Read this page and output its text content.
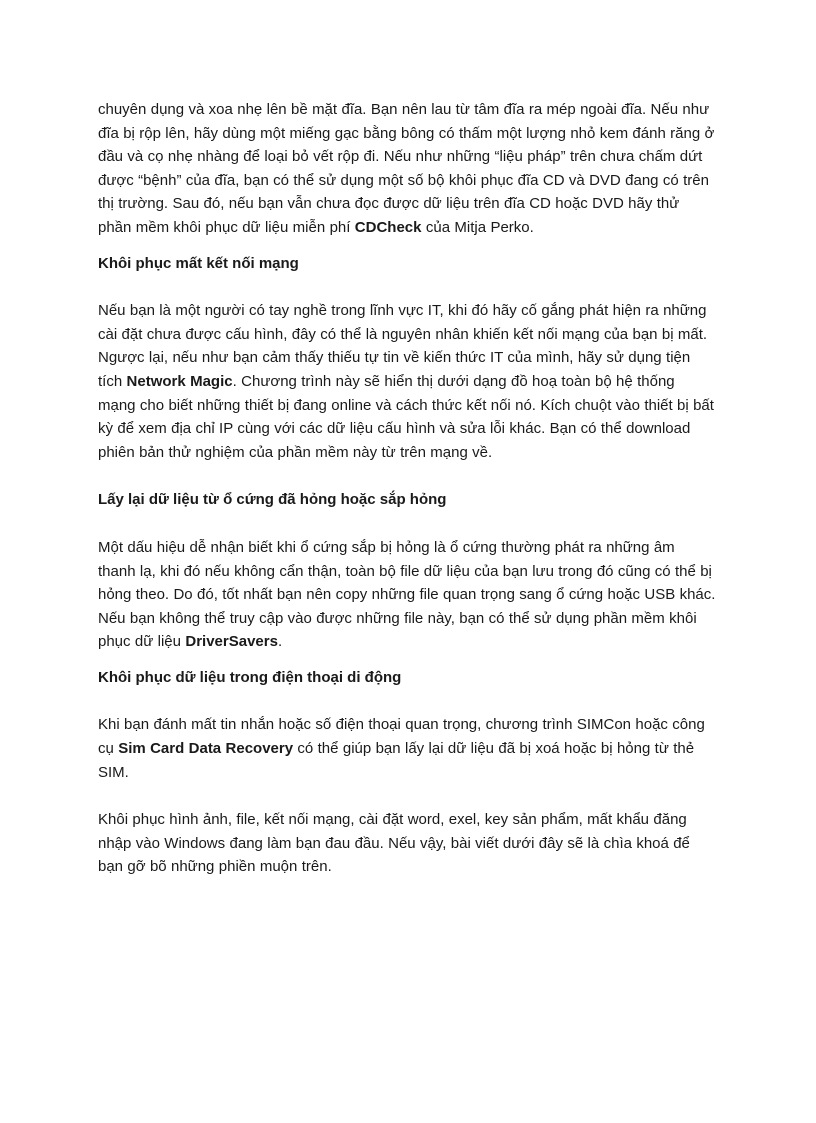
chuyên dụng và xoa nhẹ lên bề mặt đĩa. Bạn nên lau từ tâm đĩa ra mép ngoài đĩa. Nếu như đĩa bị rộp lên, hãy dùng một miếng gạc bằng bông có thấm một lượng nhỏ kem đánh răng ở đầu và cọ nhẹ nhàng để loại bỏ vết rộp đi. Nếu như những “liệu pháp” trên chưa chấm dứt được “bệnh” của đĩa, bạn có thể sử dụng một số bộ khôi phục đĩa CD và DVD đang có trên thị trường. Sau đó, nếu bạn vẫn chưa đọc được dữ liệu trên đĩa CD hoặc DVD hãy thử phần mềm khôi phục dữ liệu miễn phí CDCheck của Mitja Perko.

Khôi phục mất kết nối mạng

Nếu bạn là một người có tay nghề trong lĩnh vực IT, khi đó hãy cố gắng phát hiện ra những cài đặt chưa được cấu hình, đây có thể là nguyên nhân khiến kết nối mạng của bạn bị mất. Ngược lại, nếu như bạn cảm thấy thiếu tự tin về kiến thức IT của mình, hãy sử dụng tiện tích Network Magic. Chương trình này sẽ hiển thị dưới dạng đồ hoạ toàn bộ hệ thống mạng cho biết những thiết bị đang online và cách thức kết nối nó. Kích chuột vào thiết bị bất kỳ để xem địa chỉ IP cùng với các dữ liệu cấu hình và sửa lỗi khác. Bạn có thể download phiên bản thử nghiệm của phần mềm này từ trên mạng về.

Lấy lại dữ liệu từ ổ cứng đã hỏng hoặc sắp hỏng

Một dấu hiệu dễ nhận biết khi ổ cứng sắp bị hỏng là ổ cứng thường phát ra những âm thanh lạ, khi đó nếu không cẩn thận, toàn bộ file dữ liệu của bạn lưu trong đó cũng có thể bị hỏng theo. Do đó, tốt nhất bạn nên copy những file quan trọng sang ổ cứng hoặc USB khác. Nếu bạn không thể truy cập vào được những file này, bạn có thể sử dụng phần mềm khôi phục dữ liệu DriverSavers.

Khôi phục dữ liệu trong điện thoại di động

Khi bạn đánh mất tin nhắn hoặc số điện thoại quan trọng, chương trình SIMCon hoặc công cụ Sim Card Data Recovery có thể giúp bạn lấy lại dữ liệu đã bị xoá hoặc bị hỏng từ thẻ SIM.

Khôi phục hình ảnh, file, kết nối mạng, cài đặt word, exel, key sản phẩm, mất khẩu đăng nhập vào Windows đang làm bạn đau đầu. Nếu vậy, bài viết dưới đây sẽ là chìa khoá để bạn gỡ bõ những phiền muộn trên.
